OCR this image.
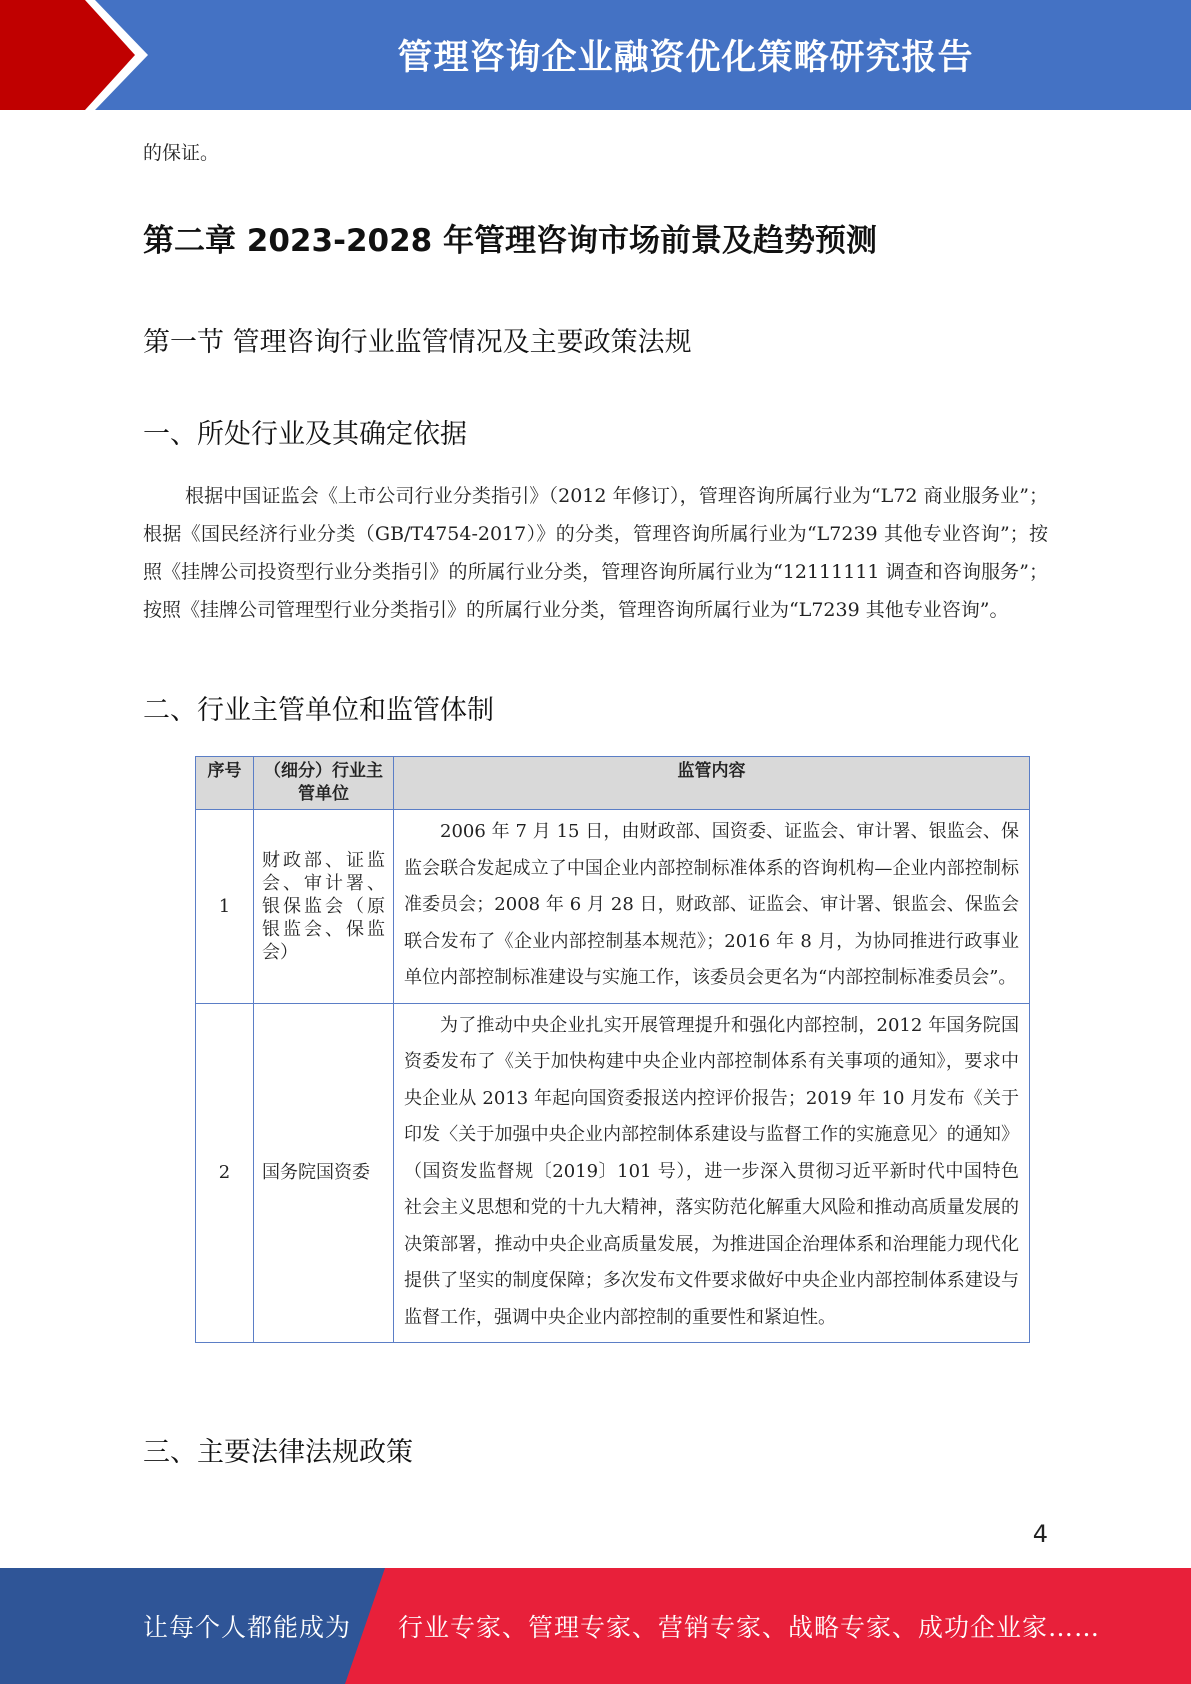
管理咨询企业融资优化策略研究报告
的保证。
第二章 2023-2028 年管理咨询市场前景及趋势预测
第一节 管理咨询行业监管情况及主要政策法规
一、所处行业及其确定依据
根据中国证监会《上市公司行业分类指引》（2012 年修订），管理咨询所属行业为“L72 商业服务业”；根据《国民经济行业分类（GB/T4754-2017）》的分类，管理咨询所属行业为“L7239 其他专业咨询”；按照《挂牌公司投资型行业分类指引》的所属行业分类，管理咨询所属行业为“12111111 调查和咨询服务”；按照《挂牌公司管理型行业分类指引》的所属行业分类，管理咨询所属行业为“L7239 其他专业咨询”。
二、行业主管单位和监管体制
序号	（细分）行业主管单位	监管内容
1	财政部、证监会、审计署、银保监会（原银监会、保监会）	2006 年 7 月 15 日，由财政部、国资委、证监会、审计署、银监会、保监会联合发起成立了中国企业内部控制标准体系的咨询机构—企业内部控制标准委员会；2008 年 6 月 28 日，财政部、证监会、审计署、银监会、保监会联合发布了《企业内部控制基本规范》；2016 年 8 月，为协同推进行政事业单位内部控制标准建设与实施工作，该委员会更名为“内部控制标准委员会”。
2	国务院国资委	为了推动中央企业扎实开展管理提升和强化内部控制，2012 年国务院国资委发布了《关于加快构建中央企业内部控制体系有关事项的通知》，要求中央企业从 2013 年起向国资委报送内控评价报告；2019 年 10 月发布《关于印发〈关于加强中央企业内部控制体系建设与监督工作的实施意见〉的通知》（国资发监督规〔2019〕101 号），进一步深入贯彻习近平新时代中国特色社会主义思想和党的十九大精神，落实防范化解重大风险和推动高质量发展的决策部署，推动中央企业高质量发展，为推进国企治理体系和治理能力现代化提供了坚实的制度保障；多次发布文件要求做好中央企业内部控制体系建设与监督工作，强调中央企业内部控制的重要性和紧迫性。
三、主要法律法规政策
4
让每个人都能成为 行业专家、管理专家、营销专家、战略专家、成功企业家……
